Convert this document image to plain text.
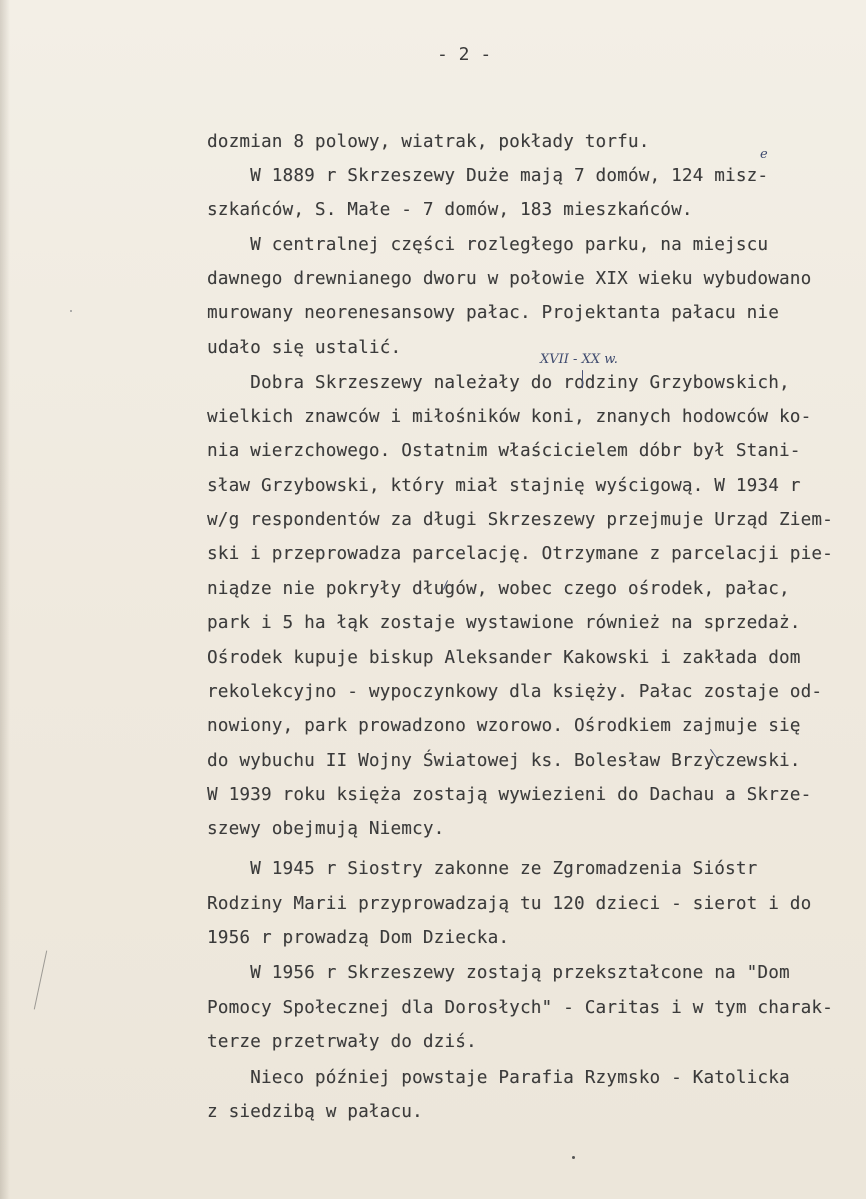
- 2 -
dozmian 8 polowy, wiatrak, pokłady torfu.
W 1889 r Skrzeszewy Duże mają 7 domów, 124 misz-
szkańców, S. Małe - 7 domów, 183 mieszkańców.
W centralnej części rozległego parku, na miejscu
dawnego drewnianego dworu w połowie XIX wieku wybudowano
murowany neorenesansowy pałac. Projektanta pałacu nie
udało się ustalić.
Dobra Skrzeszewy należały do rodziny Grzybowskich,
wielkich znawców i miłośników koni, znanych hodowców ko-
nia wierzchowego. Ostatnim właścicielem dóbr był Stani-
sław Grzybowski, który miał stajnię wyścigową. W 1934 r
w/g respondentów za długi Skrzeszewy przejmuje Urząd Ziem-
ski i przeprowadza parcelację. Otrzymane z parcelacji pie-
niądze nie pokryły długów, wobec czego ośrodek, pałac,
park i 5 ha łąk zostaje wystawione również na sprzedaż.
Ośrodek kupuje biskup Aleksander Kakowski i zakłada dom
rekolekcyjno - wypoczynkowy dla księży. Pałac zostaje od-
nowiony, park prowadzono wzorowo. Ośrodkiem zajmuje się
do wybuchu II Wojny Światowej ks. Bolesław Brzyczewski.
W 1939 roku księża zostają wywiezieni do Dachau a Skrze-
szewy obejmują Niemcy.
W 1945 r Siostry zakonne ze Zgromadzenia Sióstr
Rodziny Marii przyprowadzają tu 120 dzieci - sierot i do
1956 r prowadzą Dom Dziecka.
W 1956 r Skrzeszewy zostają przekształcone na "Dom
Pomocy Społecznej dla Dorosłych" - Caritas i w tym charak-
terze przetrwały do dziś.
Nieco później powstaje Parafia Rzymsko - Katolicka
z siedzibą w pałacu.
XVII - XX w.
e
